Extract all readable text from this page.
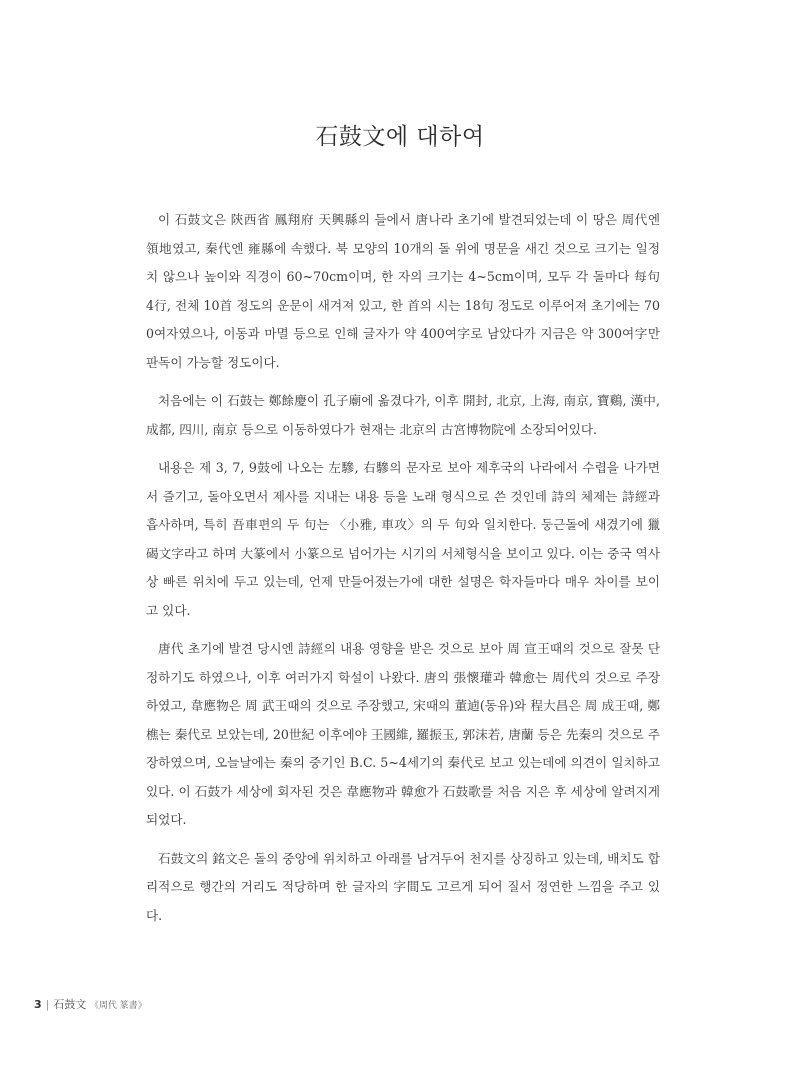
石鼓文에 대하여

이 石鼓文은 陝西省 鳳翔府 天興縣의 들에서 唐나라 초기에 발견되었는데 이 땅은 周代엔 領地였고, 秦代엔 雍縣에 속했다. 북 모양의 10개의 돌 위에 명문을 새긴 것으로 크기는 일정치 않으나 높이와 직경이 60~70cm이며, 한 자의 크기는 4~5cm이며, 모두 각 돌마다 每句 4行, 전체 10首 정도의 운문이 새겨져 있고, 한 首의 시는 18句 정도로 이루어져 초기에는 700여자였으나, 이동과 마멸 등으로 인해 글자가 약 400여字로 남았다가 지금은 약 300여字만 판독이 가능할 정도이다.

처음에는 이 石鼓는 鄭餘慶이 孔子廟에 옮겼다가, 이후 開封, 北京, 上海, 南京, 寶鷄, 漢中, 成都, 四川, 南京 등으로 이동하였다가 현재는 北京의 古宮博物院에 소장되어있다.

내용은 제 3, 7, 9鼓에 나오는 左驂, 右驂의 문자로 보아 제후국의 나라에서 수렵을 나가면서 즐기고, 돌아오면서 제사를 지내는 내용 등을 노래 형식으로 쓴 것인데 詩의 체제는 詩經과 흡사하며, 특히 吾車편의 두 句는 〈小雅, 車攻〉의 두 句와 일치한다. 둥근돌에 새겼기에 獵碣文字라고 하며 大篆에서 小篆으로 넘어가는 시기의 서체형식을 보이고 있다. 이는 중국 역사상 빠른 위치에 두고 있는데, 언제 만들어졌는가에 대한 설명은 학자들마다 매우 차이를 보이고 있다.

唐代 초기에 발견 당시엔 詩經의 내용 영향을 받은 것으로 보아 周 宣王때의 것으로 잘못 단정하기도 하였으나, 이후 여러가지 학설이 나왔다. 唐의 張懷瓘과 韓愈는 周代의 것으로 주장하였고, 韋應物은 周 武王때의 것으로 주장했고, 宋때의 董逌(동유)와 程大昌은 周 成王때, 鄭樵는 秦代로 보았는데, 20世紀 이후에야 王國維, 羅振玉, 郭沫若, 唐蘭 등은 先秦의 것으로 주장하였으며, 오늘날에는 秦의 중기인 B.C. 5~4세기의 秦代로 보고 있는데에 의견이 일치하고 있다. 이 石鼓가 세상에 회자된 것은 韋應物과 韓愈가 石鼓歌를 처음 지은 후 세상에 알려지게 되었다.

石鼓文의 銘文은 돌의 중앙에 위치하고 아래를 남겨두어 천지를 상징하고 있는데, 배치도 합리적으로 행간의 거리도 적당하며 한 글자의 字間도 고르게 되어 질서 정연한 느낌을 주고 있다.

3 | 石鼓文 《周代 篆書》
